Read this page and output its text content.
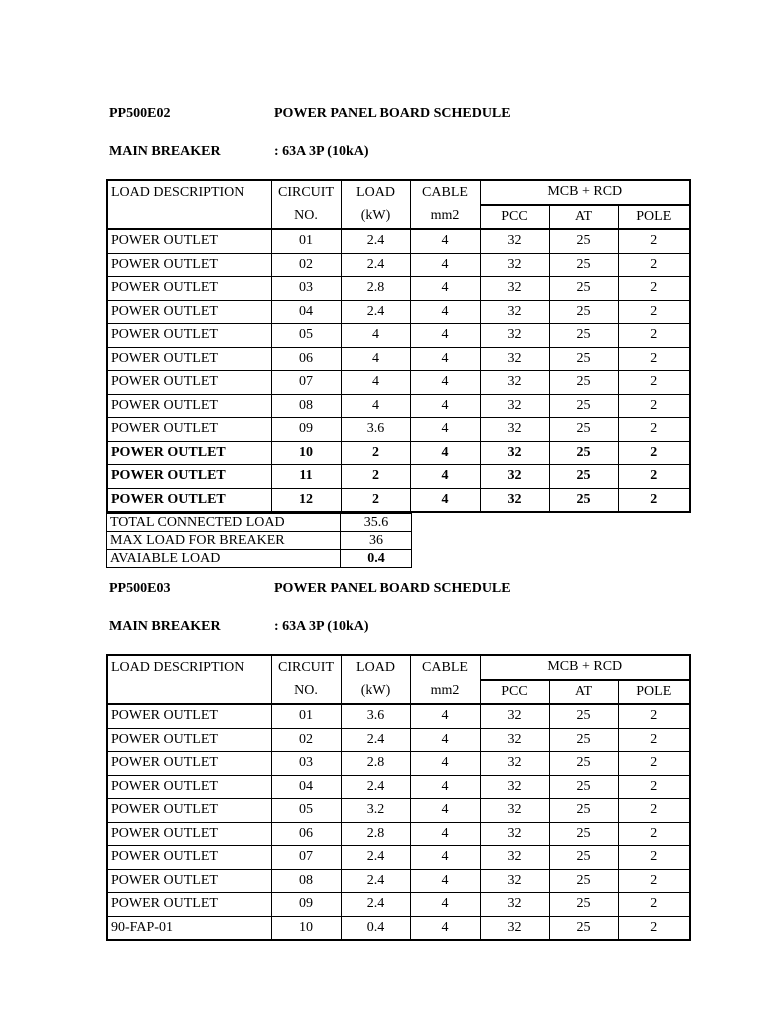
PP500E02	POWER PANEL BOARD SCHEDULE
MAIN BREAKER	: 63A 3P (10kA)
LOAD DESCRIPTION	CIRCUIT	LOAD	CABLE	MCB + RCD		
	NO.	(kW)	mm2	PCC	AT	POLE
POWER OUTLET	01	2.4	4	32	25	2
POWER OUTLET	02	2.4	4	32	25	2
POWER OUTLET	03	2.8	4	32	25	2
POWER OUTLET	04	2.4	4	32	25	2
POWER OUTLET	05	4	4	32	25	2
POWER OUTLET	06	4	4	32	25	2
POWER OUTLET	07	4	4	32	25	2
POWER OUTLET	08	4	4	32	25	2
POWER OUTLET	09	3.6	4	32	25	2
POWER OUTLET	10	2	4	32	25	2
POWER OUTLET	11	2	4	32	25	2
POWER OUTLET	12	2	4	32	25	2
TOTAL CONNECTED LOAD	35.6
MAX LOAD FOR BREAKER	36
AVAIABLE LOAD	0.4
PP500E03	POWER PANEL BOARD SCHEDULE
MAIN BREAKER	: 63A 3P (10kA)
LOAD DESCRIPTION	CIRCUIT	LOAD	CABLE	MCB + RCD		
	NO.	(kW)	mm2	PCC	AT	POLE
POWER OUTLET	01	3.6	4	32	25	2
POWER OUTLET	02	2.4	4	32	25	2
POWER OUTLET	03	2.8	4	32	25	2
POWER OUTLET	04	2.4	4	32	25	2
POWER OUTLET	05	3.2	4	32	25	2
POWER OUTLET	06	2.8	4	32	25	2
POWER OUTLET	07	2.4	4	32	25	2
POWER OUTLET	08	2.4	4	32	25	2
POWER OUTLET	09	2.4	4	32	25	2
90-FAP-01	10	0.4	4	32	25	2
